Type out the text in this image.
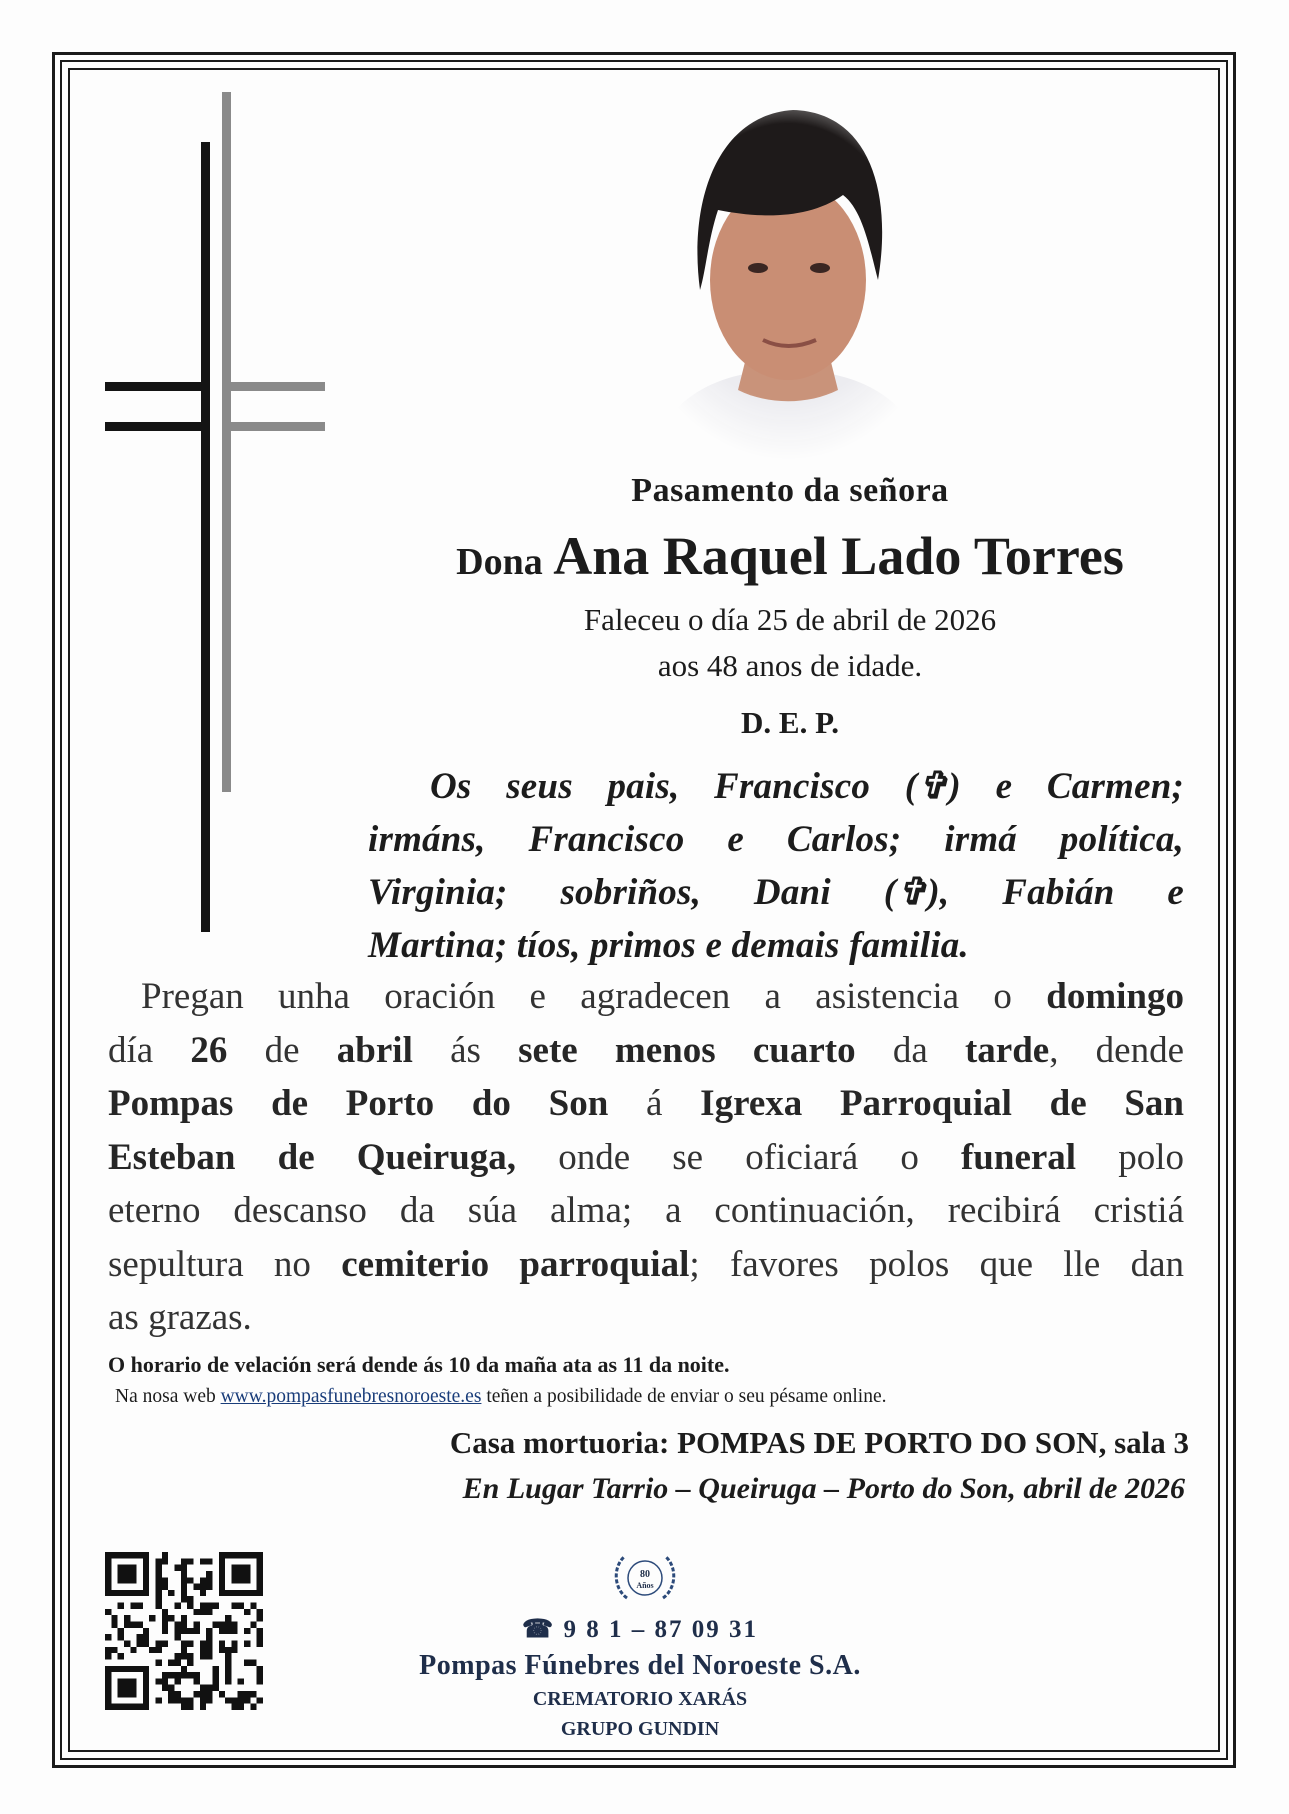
Pasamento da señora
Dona Ana Raquel Lado Torres
Faleceu o día 25 de abril de 2026
aos 48 anos de idade.
D. E. P.
Os seus pais, Francisco (✞) e Carmen;
irmáns, Francisco e Carlos; irmá política,
Virginia; sobriños, Dani (✞), Fabián e
Martina; tíos, primos e demais familia.
Pregan unha oración e agradecen a asistencia o domingo
día 26 de abril ás sete menos cuarto da tarde, dende
Pompas de Porto do Son á Igrexa Parroquial de San
Esteban de Queiruga, onde se oficiará o funeral polo
eterno descanso da súa alma; a continuación, recibirá cristiá
sepultura no cemiterio parroquial; favores polos que lle dan
as grazas.
O horario de velación será dende ás 10 da maña ata as 11 da noite.
Na nosa web www.pompasfunebresnoroeste.es teñen a posibilidade de enviar o seu pésame online.
Casa mortuoria: POMPAS DE PORTO DO SON, sala 3
En Lugar Tarrio – Queiruga – Porto do Son, abril de 2026
80
Años
☎ 9 8 1 – 87 09 31
Pompas Fúnebres del Noroeste S.A.
CREMATORIO XARÁS
GRUPO GUNDIN
